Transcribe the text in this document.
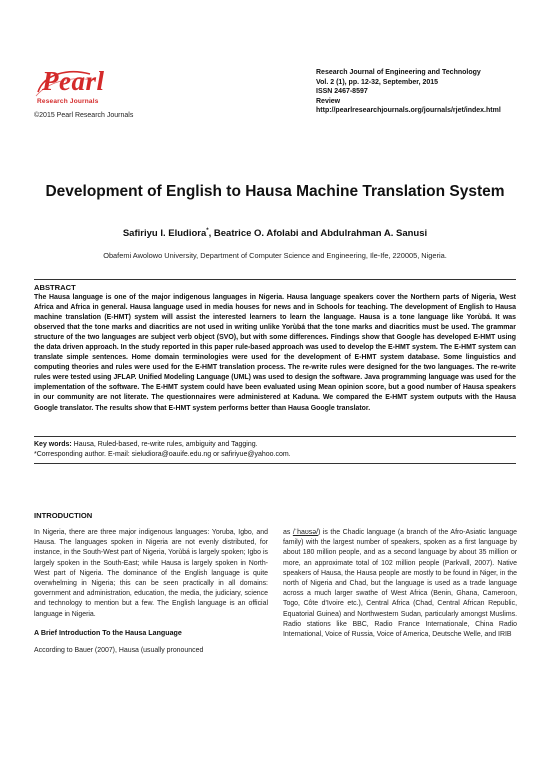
Pearl
Research Journals
©2015 Pearl Research Journals
Research Journal of Engineering and Technology
Vol. 2 (1), pp. 12-32, September, 2015
ISSN 2467-8597
Review
http://pearlresearchjournals.org/journals/rjet/index.html
Development of English to Hausa Machine Translation System
Safiriyu I. Eludiora*, Beatrice O. Afolabi and Abdulrahman A. Sanusi
Obafemi Awolowo University, Department of Computer Science and Engineering, Ile-Ife, 220005, Nigeria.
ABSTRACT
The Hausa language is one of the major indigenous languages in Nigeria. Hausa language speakers cover the Northern parts of Nigeria, West Africa and Africa in general. Hausa language used in media houses for news and in Schools for teaching. The development of English to Hausa machine translation (E-HMT) system will assist the interested learners to learn the language. Hausa is a tone language like Yorùbá. It was observed that the tone marks and diacritics are not used in writing unlike Yorùbá that the tone marks and diacritics must be used. The grammar structure of the two languages are subject verb object (SVO), but with some differences. Findings show that Google has developed E-HMT using the data driven approach. In the study reported in this paper rule-based approach was used to develop the E-HMT system. The E-HMT system can translate simple sentences. Home domain terminologies were used for the development of E-HMT system database. Some linguistics and computing theories and rules were used for the E-HMT translation process. The re-write rules were designed for the two languages. The re-write rules were tested using JFLAP. Unified Modeling Language (UML) was used to design the software. Java programming language was used for the implementation of the software. The E-HMT system could have been evaluated using Mean opinion score, but a good number of Hausa speakers in our community are not literate. The questionnaires were administered at Kaduna. We compared the E-HMT system outputs with the Hausa Google translator. The results show that E-HMT system performs better than Hausa Google translator.
Key words: Hausa, Ruled-based, re-write rules, ambiguity and Tagging.
*Corresponding author. E-mail: sieludiora@oauife.edu.ng or safiriyue@yahoo.com.
INTRODUCTION

In Nigeria, there are three major indigenous languages: Yoruba, Igbo, and Hausa. The languages spoken in Nigeria are not evenly distributed, for instance, in the South-West part of Nigeria, Yorùbá is largely spoken; Igbo is largely spoken in the South-East; while Hausa is largely spoken in North-West part of Nigeria. The dominance of the English language is quite overwhelming in Nigeria; this can be seen practically in all domains: government and administration, education, the media, the judiciary, science and technology to mention but a few. The English language is an official language in Nigeria.

A Brief Introduction To the Hausa Language

According to Bauer (2007), Hausa (usually pronounced

as /ˈhaʊsə/) is the Chadic language (a branch of the Afro-Asiatic language family) with the largest number of speakers, spoken as a first language by about 180 million people, and as a second language by about 35 million or more, an approximate total of 102 million people (Parkvall, 2007). Native speakers of Hausa, the Hausa people are mostly to be found in Niger, in the north of Nigeria and Chad, but the language is used as a trade language across a much larger swathe of West Africa (Benin, Ghana, Cameroon, Togo, Côte d'Ivoire etc.), Central Africa (Chad, Central African Republic, Equatorial Guinea) and Northwestern Sudan, particularly amongst Muslims. Radio stations like BBC, Radio France Internationale, China Radio International, Voice of Russia, Voice of America, Deutsche Welle, and IRIB
